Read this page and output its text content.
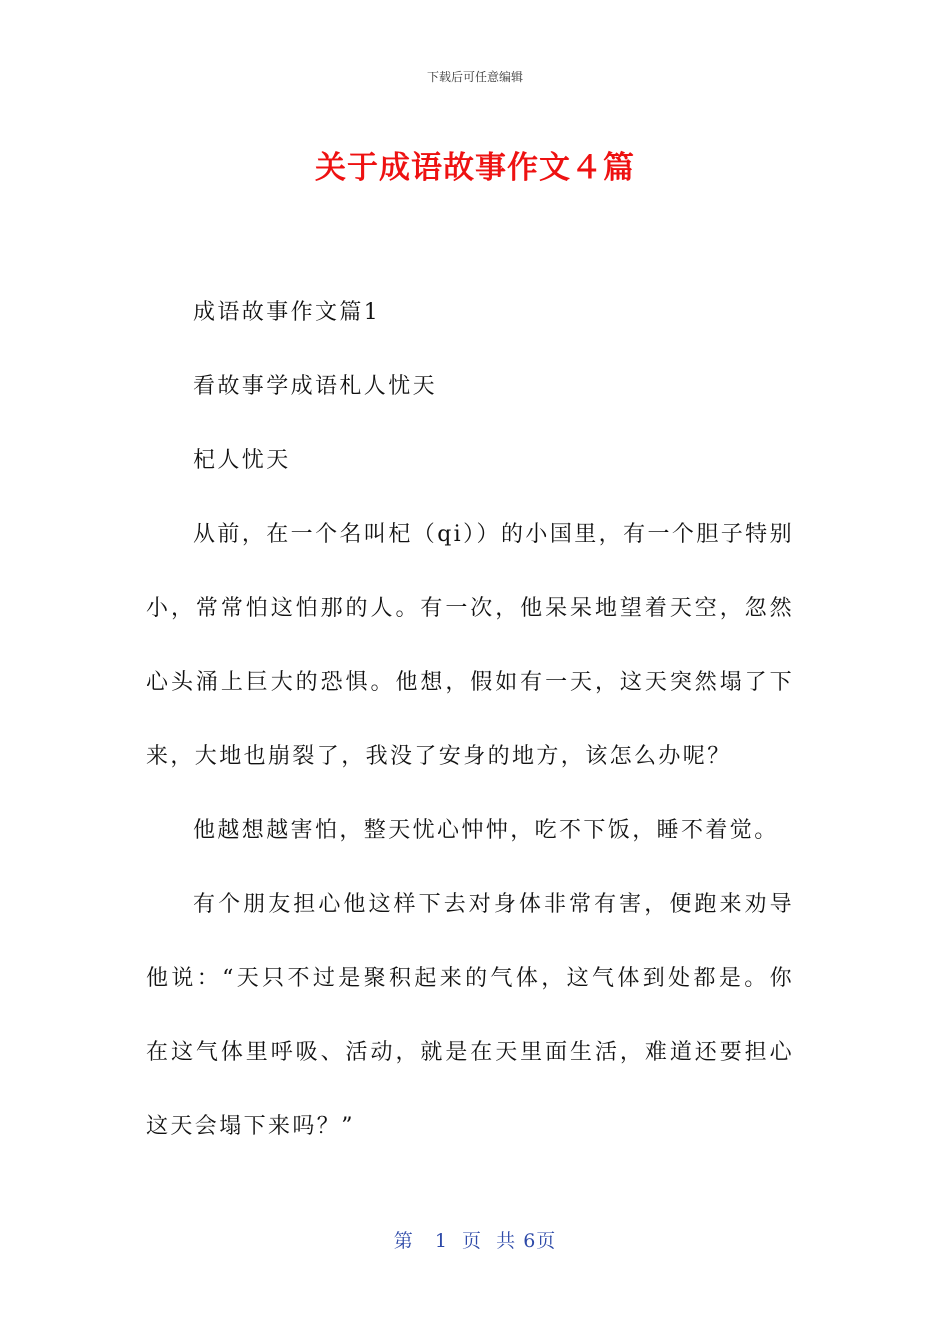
下载后可任意编辑
关于成语故事作文４篇

成语故事作文篇1

看故事学成语札人忧天

杞人忧天

从前，在一个名叫杞（qi））的小国里，有一个胆子特别小，常常怕这怕那的人。有一次，他呆呆地望着天空，忽然心头涌上巨大的恐惧。他想，假如有一天，这天突然塌了下来，大地也崩裂了，我没了安身的地方，该怎么办呢？

他越想越害怕，整天忧心忡忡，吃不下饭，睡不着觉。

有个朋友担心他这样下去对身体非常有害，便跑来劝导他说：“天只不过是聚积起来的气体，这气体到处都是。你在这气体里呼吸、活动，就是在天里面生活，难道还要担心这天会塌下来吗？”

第 1 页 共 6页
